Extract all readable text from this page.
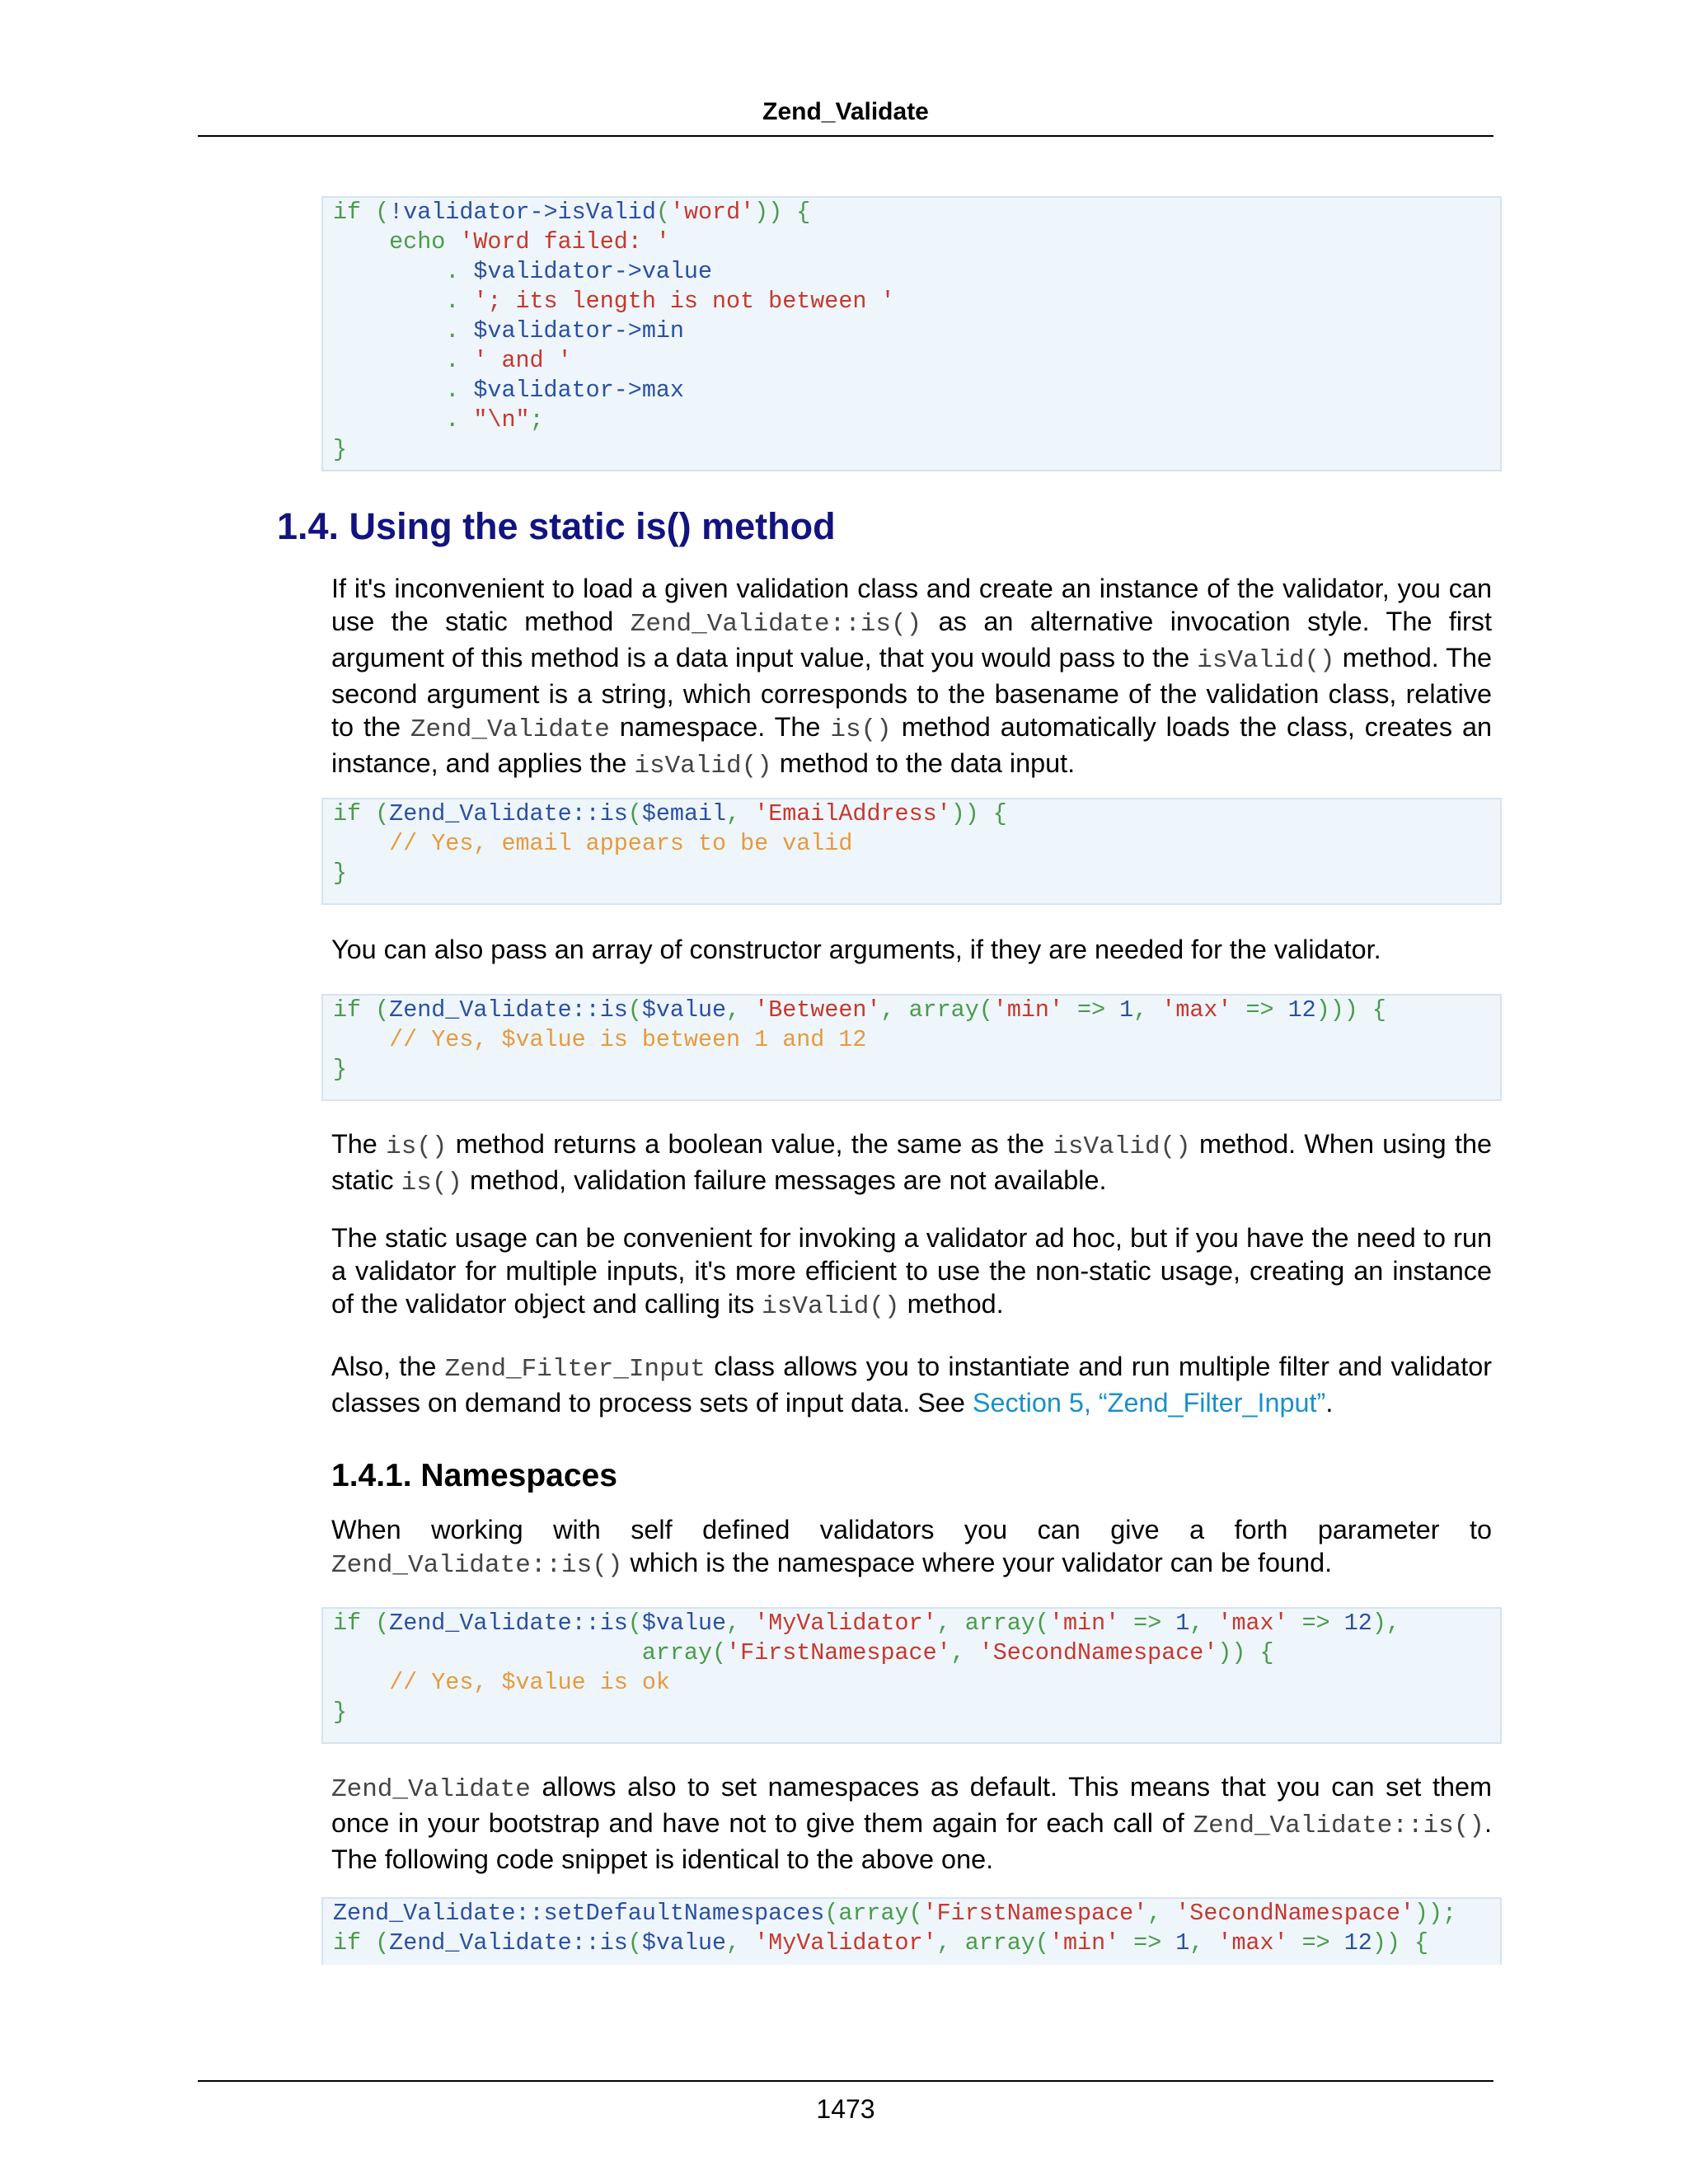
Zend_Validate
if (!validator->isValid('word')) {
echo 'Word failed: '
. $validator->value
. '; its length is not between '
. $validator->min
. ' and '
. $validator->max
. "\n";
}
1.4. Using the static is() method

If it's inconvenient to load a given validation class and create an instance of the validator, you can use the static method Zend_Validate::is() as an alternative invocation style. The first argument of this method is a data input value, that you would pass to the isValid() method. The second argument is a string, which corresponds to the basename of the validation class, relative to the Zend_Validate namespace. The is() method automatically loads the class, creates an instance, and applies the isValid() method to the data input.

if (Zend_Validate::is($email, 'EmailAddress')) {
// Yes, email appears to be valid
}

You can also pass an array of constructor arguments, if they are needed for the validator.

if (Zend_Validate::is($value, 'Between', array('min' => 1, 'max' => 12))) {
// Yes, $value is between 1 and 12
}

The is() method returns a boolean value, the same as the isValid() method. When using the static is() method, validation failure messages are not available.

The static usage can be convenient for invoking a validator ad hoc, but if you have the need to run a validator for multiple inputs, it's more efficient to use the non-static usage, creating an instance of the validator object and calling its isValid() method.

Also, the Zend_Filter_Input class allows you to instantiate and run multiple filter and validator classes on demand to process sets of input data. See Section 5, “Zend_Filter_Input”.

1.4.1. Namespaces

When working with self defined validators you can give a forth parameter to Zend_Validate::is() which is the namespace where your validator can be found.

if (Zend_Validate::is($value, 'MyValidator', array('min' => 1, 'max' => 12),
array('FirstNamespace', 'SecondNamespace')) {
// Yes, $value is ok
}

Zend_Validate allows also to set namespaces as default. This means that you can set them once in your bootstrap and have not to give them again for each call of Zend_Validate::is(). The following code snippet is identical to the above one.

Zend_Validate::setDefaultNamespaces(array('FirstNamespace', 'SecondNamespace'));
if (Zend_Validate::is($value, 'MyValidator', array('min' => 1, 'max' => 12)) {
1473
